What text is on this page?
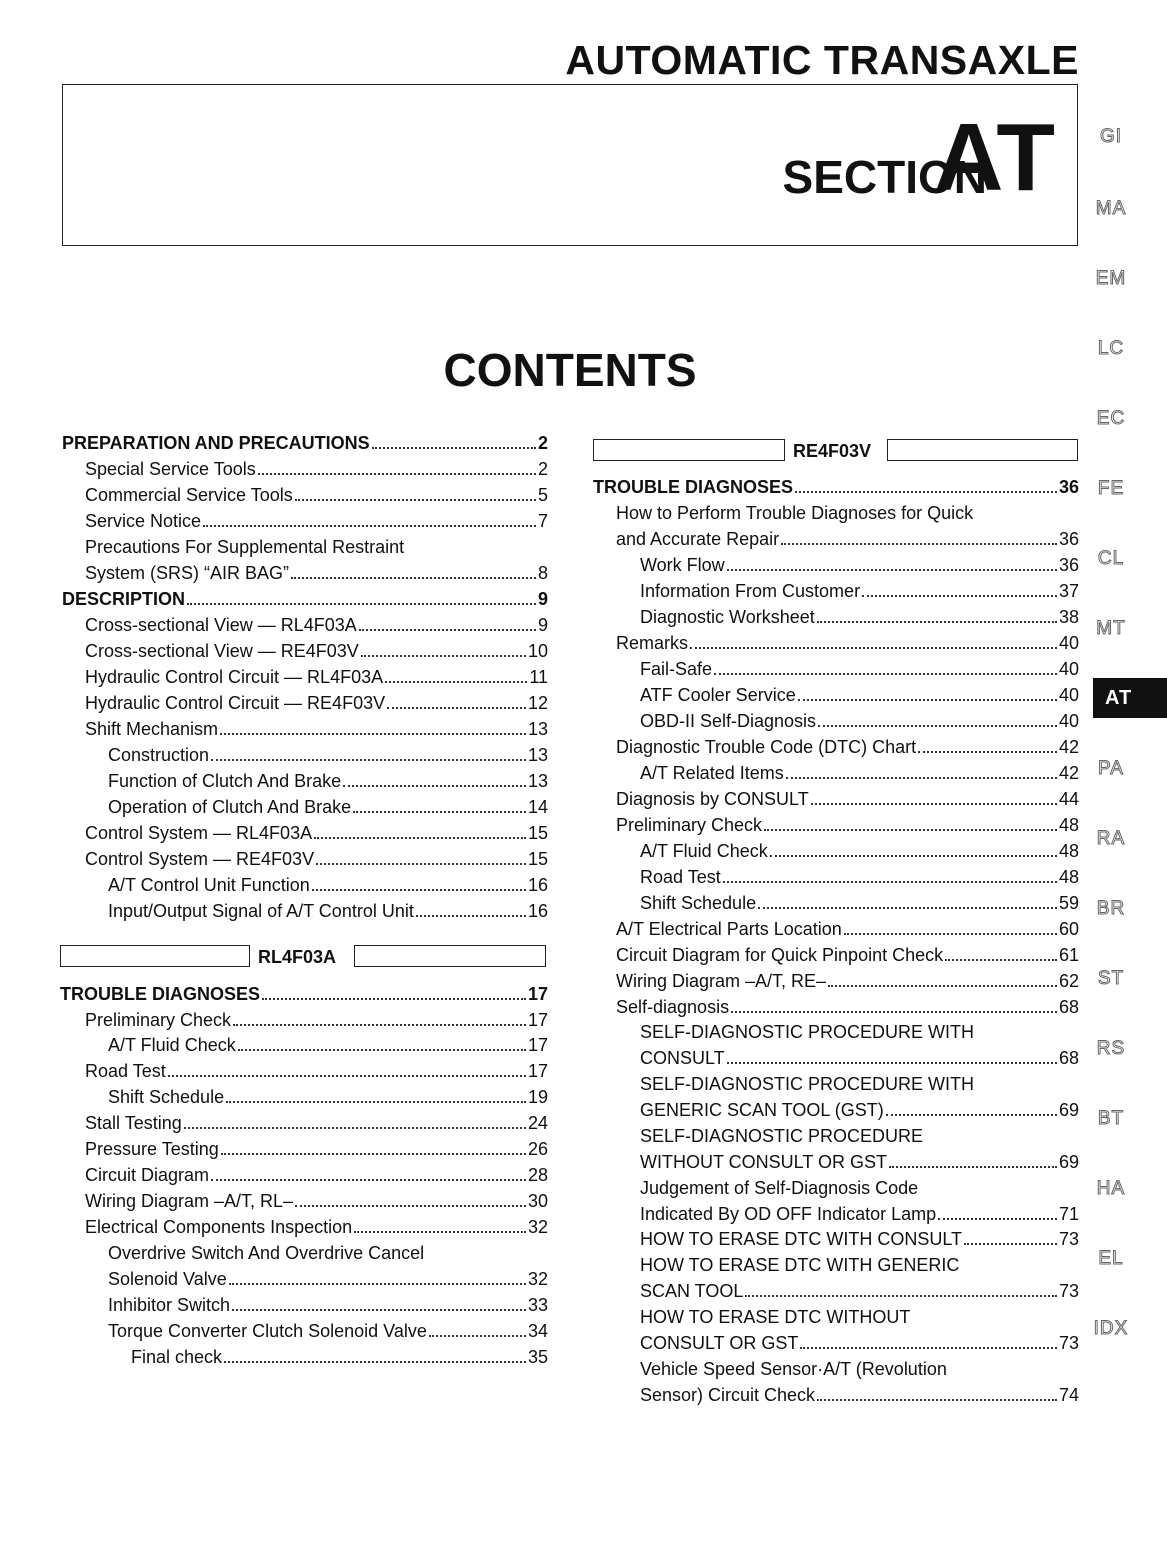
AUTOMATIC TRANSAXLE
SECTION
AT
CONTENTS
GI
MA
EM
LC
EC
FE
CL
MT
AT
PA
RA
BR
ST
RS
BT
HA
EL
IDX
PREPARATION AND PRECAUTIONS	2
Special Service Tools	2
Commercial Service Tools	5
Service Notice	7
Precautions For Supplemental Restraint
System (SRS) “AIR BAG”	8
DESCRIPTION	9
Cross-sectional View — RL4F03A	9
Cross-sectional View — RE4F03V	10
Hydraulic Control Circuit — RL4F03A	11
Hydraulic Control Circuit — RE4F03V	12
Shift Mechanism	13
Construction	13
Function of Clutch And Brake	13
Operation of Clutch And Brake	14
Control System — RL4F03A	15
Control System — RE4F03V	15
A/T Control Unit Function	16
Input/Output Signal of A/T Control Unit	16
RL4F03A
TROUBLE DIAGNOSES	17
Preliminary Check	17
A/T Fluid Check	17
Road Test	17
Shift Schedule	19
Stall Testing	24
Pressure Testing	26
Circuit Diagram	28
Wiring Diagram –A/T, RL–	30
Electrical Components Inspection	32
Overdrive Switch And Overdrive Cancel
Solenoid Valve	32
Inhibitor Switch	33
Torque Converter Clutch Solenoid Valve	34
Final check	35
RE4F03V
TROUBLE DIAGNOSES	36
How to Perform Trouble Diagnoses for Quick
and Accurate Repair	36
Work Flow	36
Information From Customer	37
Diagnostic Worksheet	38
Remarks	40
Fail-Safe	40
ATF Cooler Service	40
OBD-II Self-Diagnosis	40
Diagnostic Trouble Code (DTC) Chart	42
A/T Related Items	42
Diagnosis by CONSULT	44
Preliminary Check	48
A/T Fluid Check	48
Road Test	48
Shift Schedule	59
A/T Electrical Parts Location	60
Circuit Diagram for Quick Pinpoint Check	61
Wiring Diagram –A/T, RE–	62
Self-diagnosis	68
SELF-DIAGNOSTIC PROCEDURE WITH
CONSULT	68
SELF-DIAGNOSTIC PROCEDURE WITH
GENERIC SCAN TOOL (GST)	69
SELF-DIAGNOSTIC PROCEDURE
WITHOUT CONSULT OR GST	69
Judgement of Self-Diagnosis Code
Indicated By OD OFF Indicator Lamp	71
HOW TO ERASE DTC WITH CONSULT	73
HOW TO ERASE DTC WITH GENERIC
SCAN TOOL	73
HOW TO ERASE DTC WITHOUT
CONSULT OR GST	73
Vehicle Speed Sensor·A/T (Revolution
Sensor) Circuit Check	74
